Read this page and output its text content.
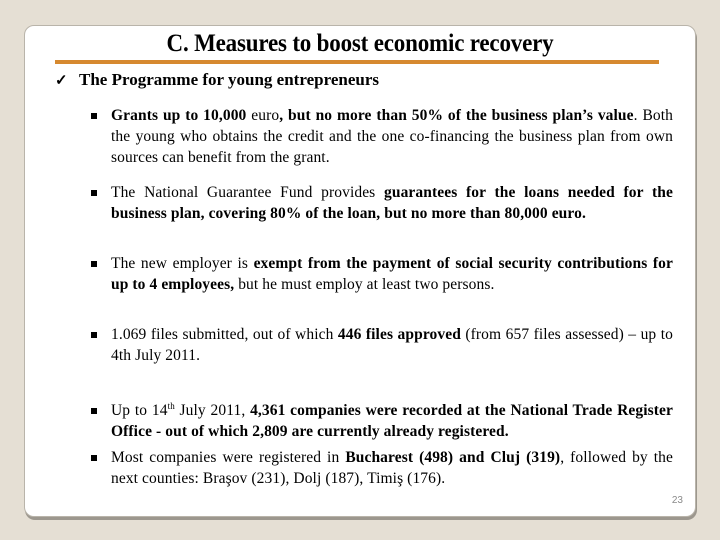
C. Measures to boost economic recovery
✓ The Programme for young entrepreneurs
Grants up to 10,000 euro, but no more than 50% of the business plan’s value. Both the young who obtains the credit and the one co-financing the business plan from own sources can benefit from the grant.
The National Guarantee Fund provides guarantees for the loans needed for the business plan, covering 80% of the loan, but no more than 80,000 euro.
The new employer is exempt from the payment of social security contributions for up to 4 employees, but he must employ at least two persons.
1.069 files submitted, out of which 446 files approved (from 657 files assessed) – up to 4th July 2011.
Up to 14th July 2011, 4,361 companies were recorded at the National Trade Register Office - out of which 2,809 are currently already registered.
Most companies were registered in Bucharest (498) and Cluj (319), followed by the next counties: Braşov (231), Dolj (187), Timiş (176).
23
